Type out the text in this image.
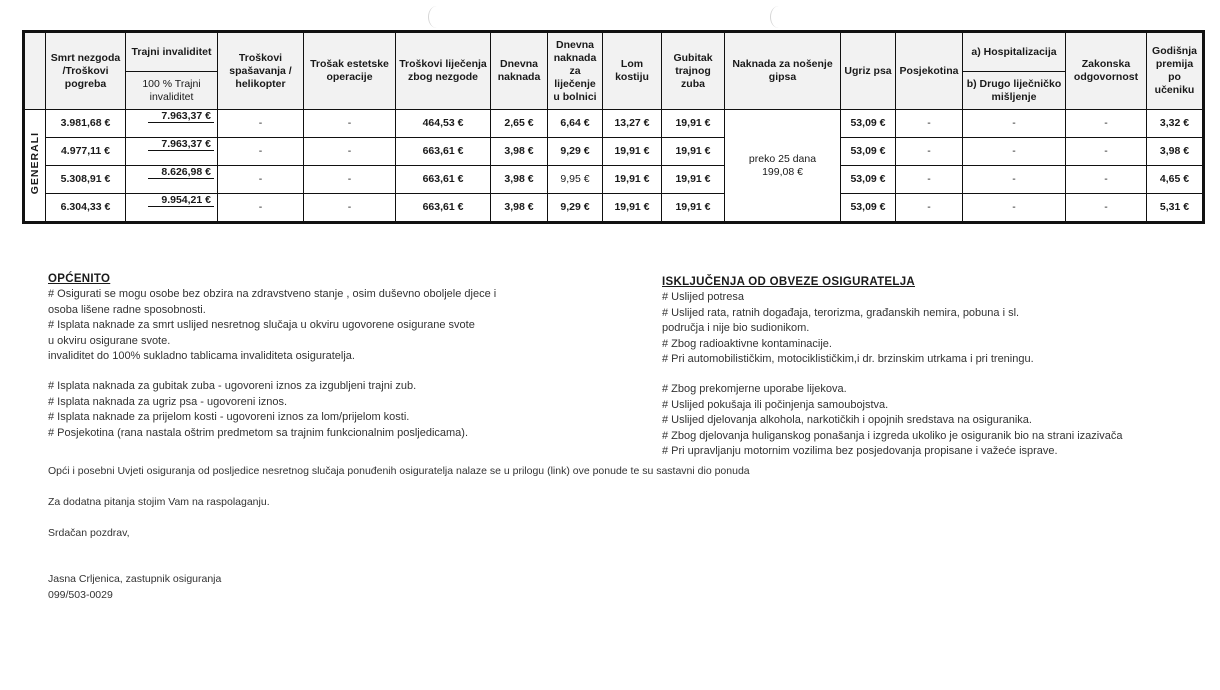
	Smrt nezgoda /Troškovi pogreba	Trajni invaliditet	Troškovi spašavanja / helikopter	Trošak estetske operacije	Troškovi liječenja zbog nezgode	Dnevna naknada	Dnevna naknada za liječenje u bolnici	Lom kostiju	Gubitak trajnog zuba	Naknada za nošenje gipsa	Ugriz psa	Posjekotina	a) Hospitalizacija	Zakonska odgovornost	Godišnja premija po učeniku
		100 % Trajni invaliditet											b) Drugo liječničko mišljenje		
GENERALI	3.981,68 €	7.963,37 €	-	-	464,53 €	2,65 €	6,64 €	13,27 €	19,91 €	preko 25 dana 199,08 €	53,09 €	-	-	-	3,32 €
	4.977,11 €	7.963,37 €	-	-	663,61 €	3,98 €	9,29 €	19,91 €	19,91 €		53,09 €	-	-	-	3,98 €
	5.308,91 €	8.626,98 €	-	-	663,61 €	3,98 €	9,95 €	19,91 €	19,91 €		53,09 €	-	-	-	4,65 €
	6.304,33 €	9.954,21 €	-	-	663,61 €	3,98 €	9,29 €	19,91 €	19,91 €		53,09 €	-	-	-	5,31 €
OPĆENITO
# Osigurati se mogu osobe bez obzira na zdravstveno stanje , osim duševno oboljele djece i
osoba lišene radne sposobnosti.
# Isplata naknade za smrt uslijed nesretnog slučaja u okviru ugovorene osigurane svote
u okviru osigurane svote.
invaliditet do 100% sukladno tablicama invaliditeta osiguratelja.
# Isplata naknada za gubitak zuba - ugovoreni iznos za izgubljeni trajni zub.
# Isplata naknada za ugriz psa - ugovoreni iznos.
# Isplata naknade za prijelom kosti - ugovoreni iznos za lom/prijelom kosti.
# Posjekotina (rana nastala oštrim predmetom sa trajnim funkcionalnim posljedicama).
ISKLJUČENJA OD OBVEZE OSIGURATELJA
# Uslijed potresa
# Uslijed rata, ratnih događaja, terorizma, građanskih nemira, pobuna i sl.
područja i nije bio sudionikom.
# Zbog radioaktivne kontaminacije.
# Pri automobilističkim, motociklističkim,i dr. brzinskim utrkama i pri treningu.
# Zbog prekomjerne uporabe lijekova.
# Uslijed pokušaja ili počinjenja samoubojstva.
# Uslijed djelovanja alkohola, narkotičkih i opojnih sredstava na osiguranika.
# Zbog djelovanja huliganskog ponašanja i izgreda ukoliko je osiguranik bio na strani izazivača
# Pri upravljanju motornim vozilima bez posjedovanja propisane i važeće isprave.
Opći i posebni Uvjeti osiguranja od posljedice nesretnog slučaja ponuđenih osiguratelja nalaze se u prilogu (link) ove ponude te su sastavni dio ponuda
Za dodatna pitanja stojim Vam na raspolaganju.
Srdačan pozdrav,
Jasna Crljenica, zastupnik osiguranja
099/503-0029
